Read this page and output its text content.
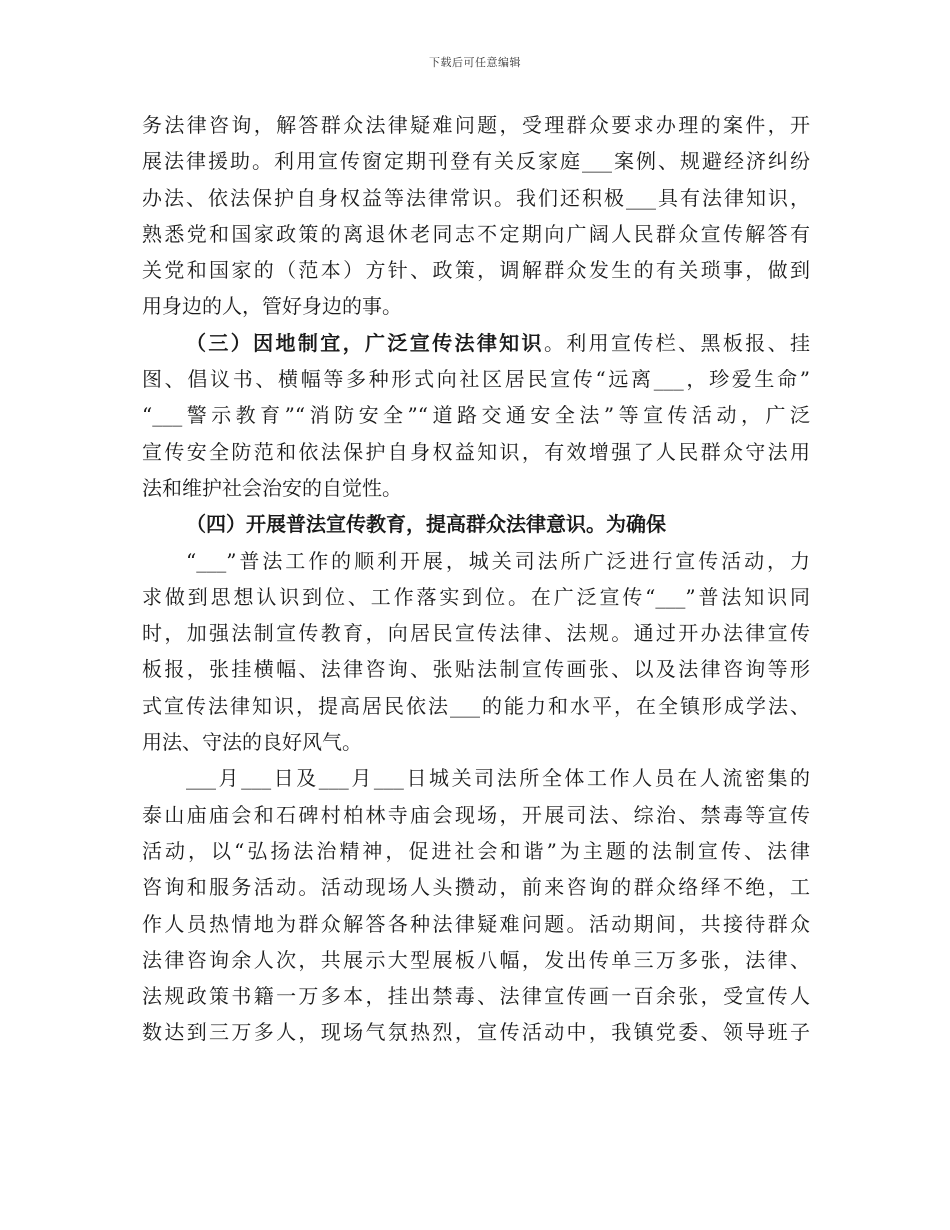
下载后可任意编辑
务法律咨询，解答群众法律疑难问题，受理群众要求办理的案件，开
展法律援助。利用宣传窗定期刊登有关反家庭___案例、规避经济纠纷
办法、依法保护自身权益等法律常识。我们还积极___具有法律知识，
熟悉党和国家政策的离退休老同志不定期向广阔人民群众宣传解答有
关党和国家的（范本）方针、政策，调解群众发生的有关琐事，做到
用身边的人，管好身边的事。
（三）因地制宜，广泛宣传法律知识。利用宣传栏、黑板报、挂
图、倡议书、横幅等多种形式向社区居民宣传“远离___，珍爱生命”
“___警示教育”“消防安全”“道路交通安全法”等宣传活动，广泛
宣传安全防范和依法保护自身权益知识，有效增强了人民群众守法用
法和维护社会治安的自觉性。
（四）开展普法宣传教育，提高群众法律意识。为确保
“___”普法工作的顺利开展，城关司法所广泛进行宣传活动，力
求做到思想认识到位、工作落实到位。在广泛宣传“___”普法知识同
时，加强法制宣传教育，向居民宣传法律、法规。通过开办法律宣传
板报，张挂横幅、法律咨询、张贴法制宣传画张、以及法律咨询等形
式宣传法律知识，提高居民依法___的能力和水平，在全镇形成学法、
用法、守法的良好风气。
___月___日及___月___日城关司法所全体工作人员在人流密集的
泰山庙庙会和石碑村柏林寺庙会现场，开展司法、综治、禁毒等宣传
活动，以“弘扬法治精神，促进社会和谐”为主题的法制宣传、法律
咨询和服务活动。活动现场人头攒动，前来咨询的群众络绎不绝，工
作人员热情地为群众解答各种法律疑难问题。活动期间，共接待群众
法律咨询余人次，共展示大型展板八幅，发出传单三万多张，法律、
法规政策书籍一万多本，挂出禁毒、法律宣传画一百余张，受宣传人
数达到三万多人，现场气氛热烈，宣传活动中，我镇党委、领导班子
